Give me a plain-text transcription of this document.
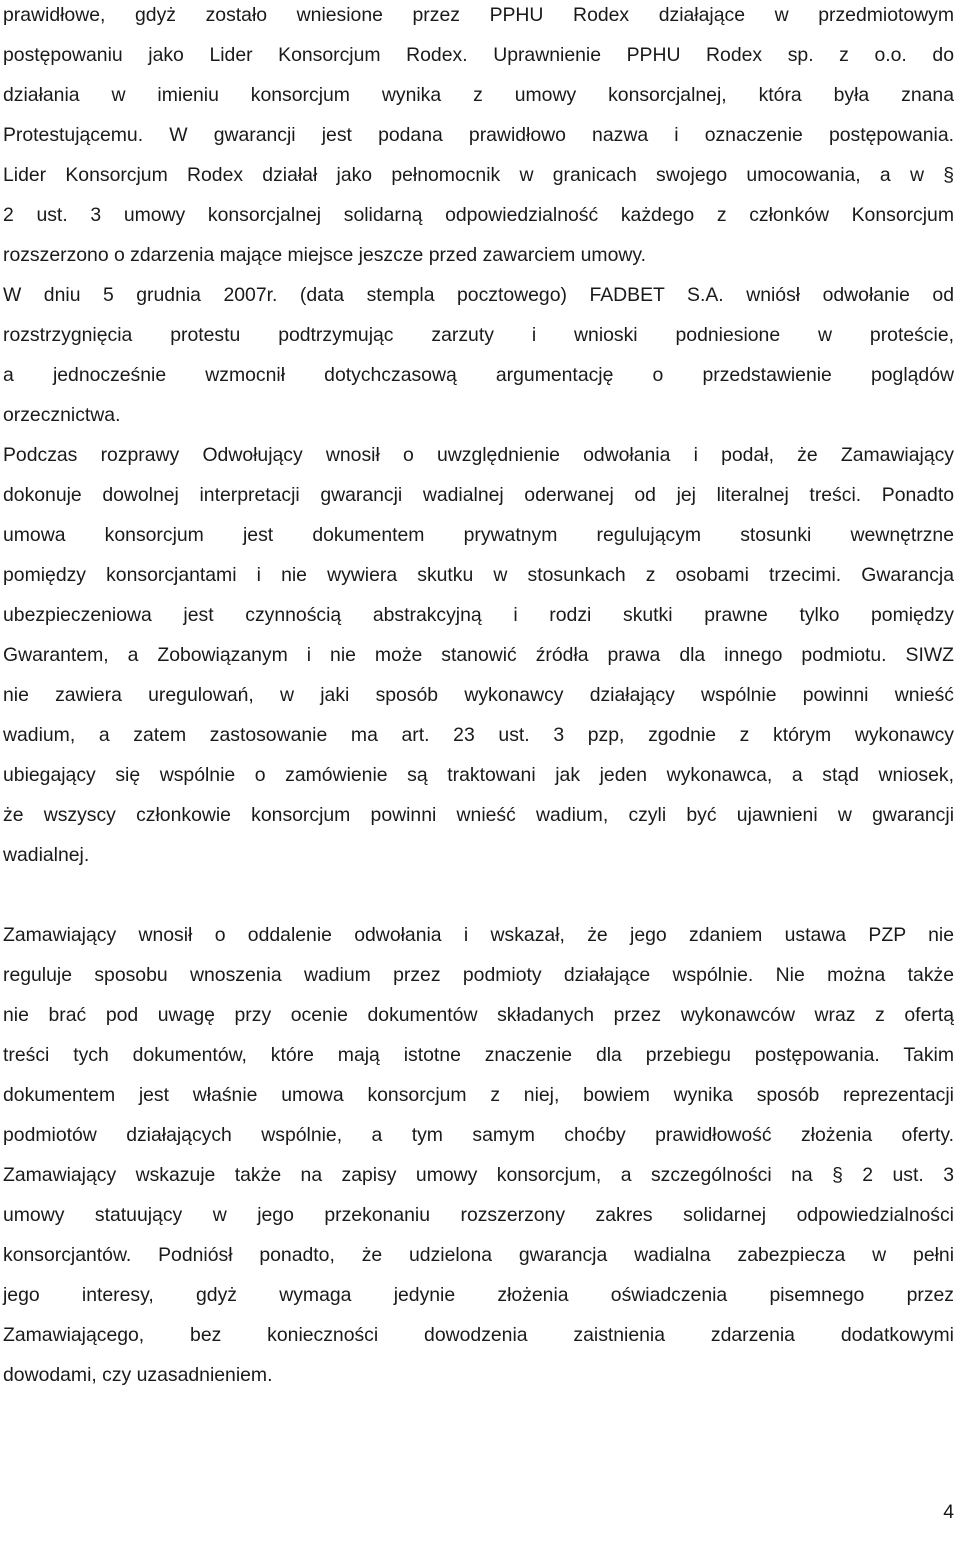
prawidłowe, gdyż zostało wniesione przez PPHU Rodex działające w przedmiotowym
postępowaniu jako Lider Konsorcjum Rodex. Uprawnienie PPHU Rodex sp. z o.o. do
działania w imieniu konsorcjum wynika z umowy konsorcjalnej, która była znana
Protestującemu. W gwarancji jest podana prawidłowo nazwa i oznaczenie postępowania.
Lider Konsorcjum Rodex działał jako pełnomocnik w granicach swojego umocowania, a w §
2 ust. 3 umowy konsorcjalnej solidarną odpowiedzialność każdego z członków Konsorcjum
rozszerzono o zdarzenia mające miejsce jeszcze przed zawarciem umowy.
W dniu 5 grudnia 2007r. (data stempla pocztowego) FADBET S.A. wniósł odwołanie od
rozstrzygnięcia protestu podtrzymując zarzuty i wnioski podniesione w proteście,
a jednocześnie wzmocnił dotychczasową argumentację o przedstawienie poglądów
orzecznictwa.
Podczas rozprawy Odwołujący wnosił o uwzględnienie odwołania i podał, że Zamawiający
dokonuje dowolnej interpretacji gwarancji wadialnej oderwanej od jej literalnej treści. Ponadto
umowa konsorcjum jest dokumentem prywatnym regulującym stosunki wewnętrzne
pomiędzy konsorcjantami i nie wywiera skutku w stosunkach z osobami trzecimi. Gwarancja
ubezpieczeniowa jest czynnością abstrakcyjną i rodzi skutki prawne tylko pomiędzy
Gwarantem, a Zobowiązanym i nie może stanowić źródła prawa dla innego podmiotu. SIWZ
nie zawiera uregulowań, w jaki sposób wykonawcy działający wspólnie powinni wnieść
wadium, a zatem zastosowanie ma art. 23 ust. 3 pzp, zgodnie z którym wykonawcy
ubiegający się wspólnie o zamówienie są traktowani jak jeden wykonawca, a stąd wniosek,
że wszyscy członkowie konsorcjum powinni wnieść wadium, czyli być ujawnieni w gwarancji
wadialnej.
Zamawiający wnosił o oddalenie odwołania i wskazał, że jego zdaniem ustawa PZP nie
reguluje sposobu wnoszenia wadium przez podmioty działające wspólnie. Nie można także
nie brać pod uwagę przy ocenie dokumentów składanych przez wykonawców wraz z ofertą
treści tych dokumentów, które mają istotne znaczenie dla przebiegu postępowania. Takim
dokumentem jest właśnie umowa konsorcjum z niej, bowiem wynika sposób reprezentacji
podmiotów działających wspólnie, a tym samym choćby prawidłowość złożenia oferty.
Zamawiający wskazuje także na zapisy umowy konsorcjum, a szczególności na § 2 ust. 3
umowy statuujący w jego przekonaniu rozszerzony zakres solidarnej odpowiedzialności
konsorcjantów. Podniósł ponadto, że udzielona gwarancja wadialna zabezpiecza w pełni
jego interesy, gdyż wymaga jedynie złożenia oświadczenia pisemnego przez
Zamawiającego, bez konieczności dowodzenia zaistnienia zdarzenia dodatkowymi
dowodami, czy uzasadnieniem.
4
